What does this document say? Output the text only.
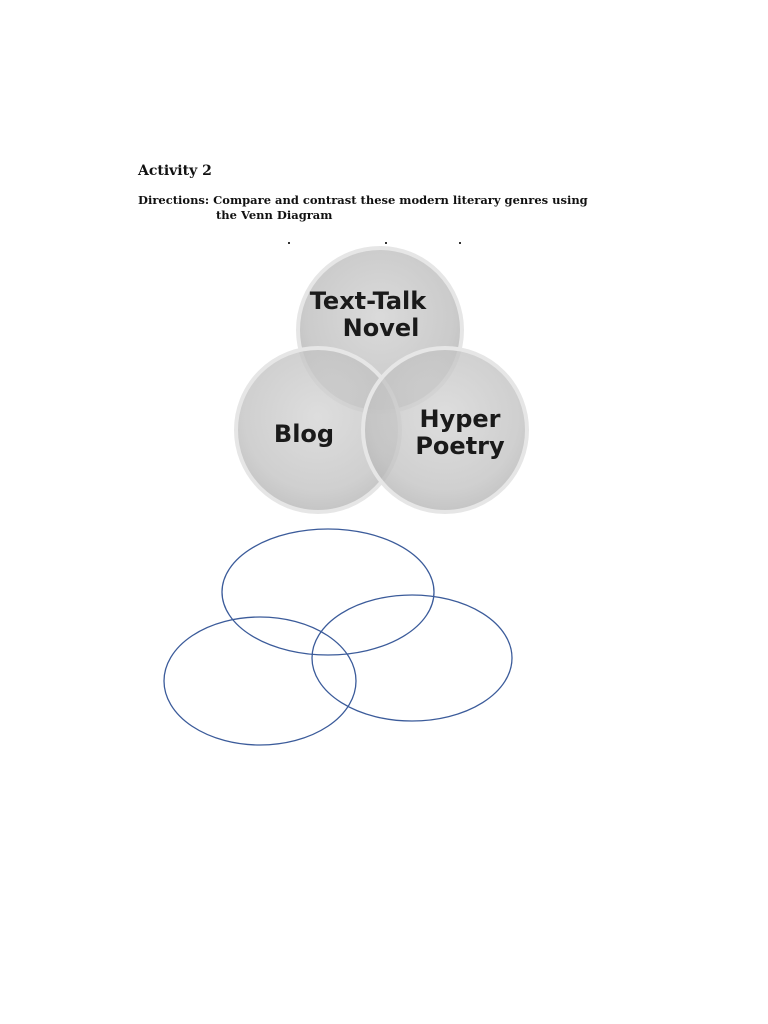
Activity 2
Directions: Compare and contrast these modern literary genres using
the Venn Diagram
Text-Talk
Novel
Blog
Hyper
Poetry
